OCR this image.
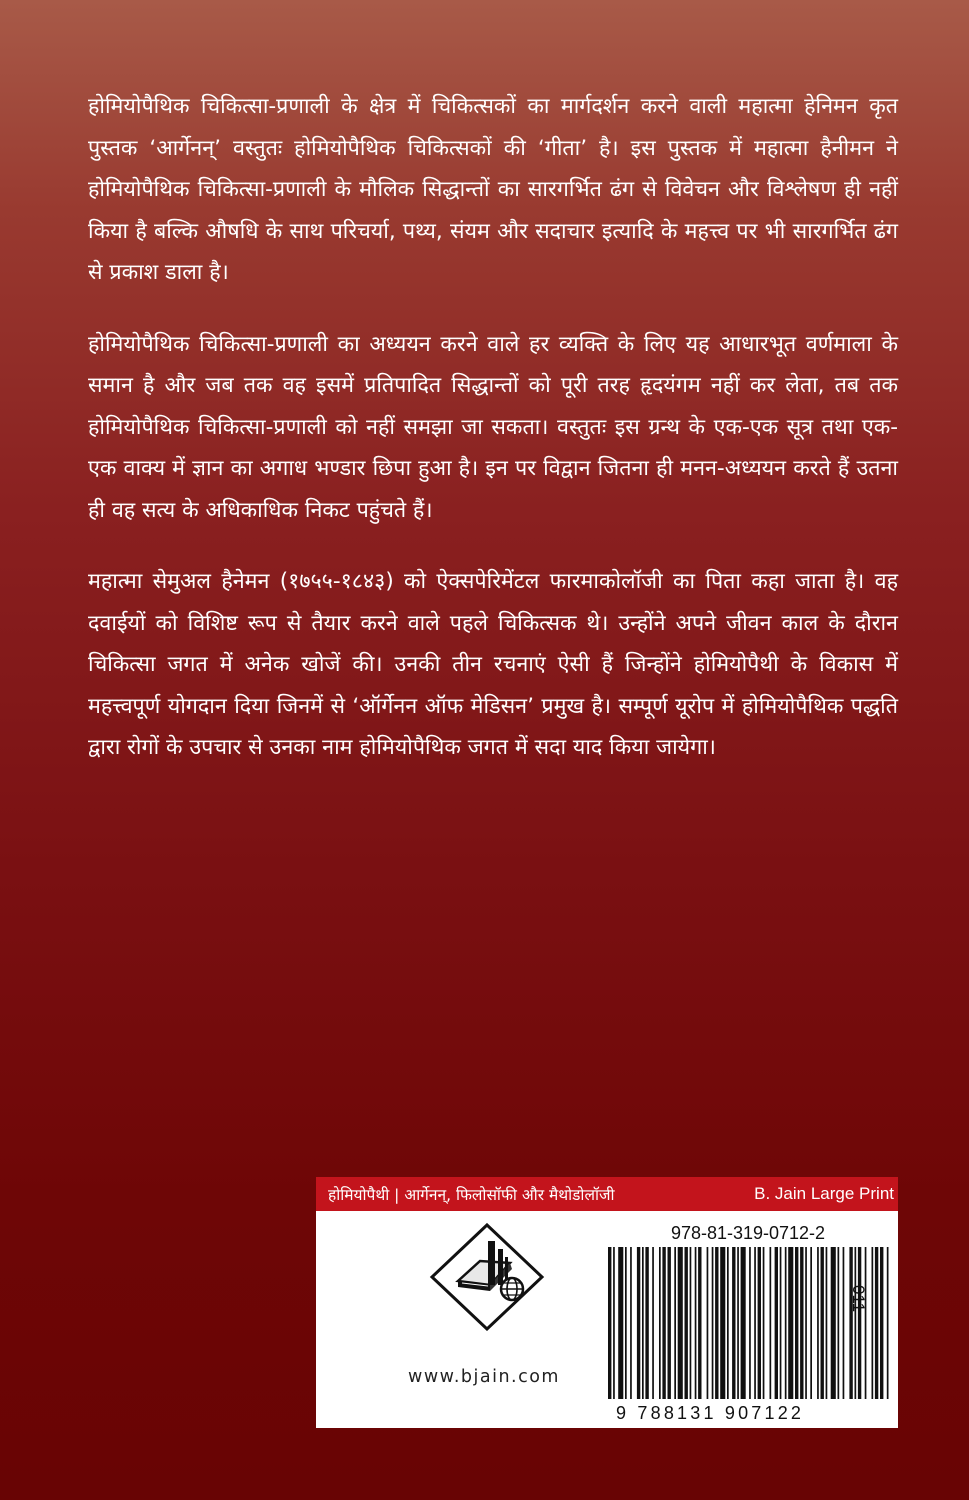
होमियोपैथिक चिकित्सा-प्रणाली के क्षेत्र में चिकित्सकों का मार्गदर्शन करने वाली महात्मा हेनिमन कृत पुस्तक ‘आर्गेनन्’ वस्तुतः होमियोपैथिक चिकित्सकों की ‘गीता’ है। इस पुस्तक में महात्मा हैनीमन ने होमियोपैथिक चिकित्सा-प्रणाली के मौलिक सिद्धान्तों का सारगर्भित ढंग से विवेचन और विश्लेषण ही नहीं किया है बल्कि औषधि के साथ परिचर्या, पथ्य, संयम और सदाचार इत्यादि के महत्त्व पर भी सारगर्भित ढंग से प्रकाश डाला है।

होमियोपैथिक चिकित्सा-प्रणाली का अध्ययन करने वाले हर व्यक्ति के लिए यह आधारभूत वर्णमाला के समान है और जब तक वह इसमें प्रतिपादित सिद्धान्तों को पूरी तरह हृदयंगम नहीं कर लेता, तब तक होमियोपैथिक चिकित्सा-प्रणाली को नहीं समझा जा सकता। वस्तुतः इस ग्रन्थ के एक-एक सूत्र तथा एक-एक वाक्य में ज्ञान का अगाध भण्डार छिपा हुआ है। इन पर विद्वान जितना ही मनन-अध्ययन करते हैं उतना ही वह सत्य के अधिकाधिक निकट पहुंचते हैं।

महात्मा सेमुअल हैनेमन (१७५५-१८४३) को ऐक्सपेरिमेंटल फारमाकोलॉजी का पिता कहा जाता है। वह दवाईयों को विशिष्ट रूप से तैयार करने वाले पहले चिकित्सक थे। उन्होंने अपने जीवन काल के दौरान चिकित्सा जगत में अनेक खोजें की। उनकी तीन रचनाएं ऐसी हैं जिन्होंने होमियोपैथी के विकास में महत्त्वपूर्ण योगदान दिया जिनमें से ‘ऑर्गेनन ऑफ मेडिसन’ प्रमुख है। सम्पूर्ण यूरोप में होमियोपैथिक पद्धति द्वारा रोगों के उपचार से उनका नाम होमियोपैथिक जगत में सदा याद किया जायेगा।

होमियोपैथी | आर्गेनन्, फिलोसॉफी और मैथोडोलॉजी	B. Jain Large Print
www.bjain.com
978-81-319-0712-2
9 788131 907122
011
